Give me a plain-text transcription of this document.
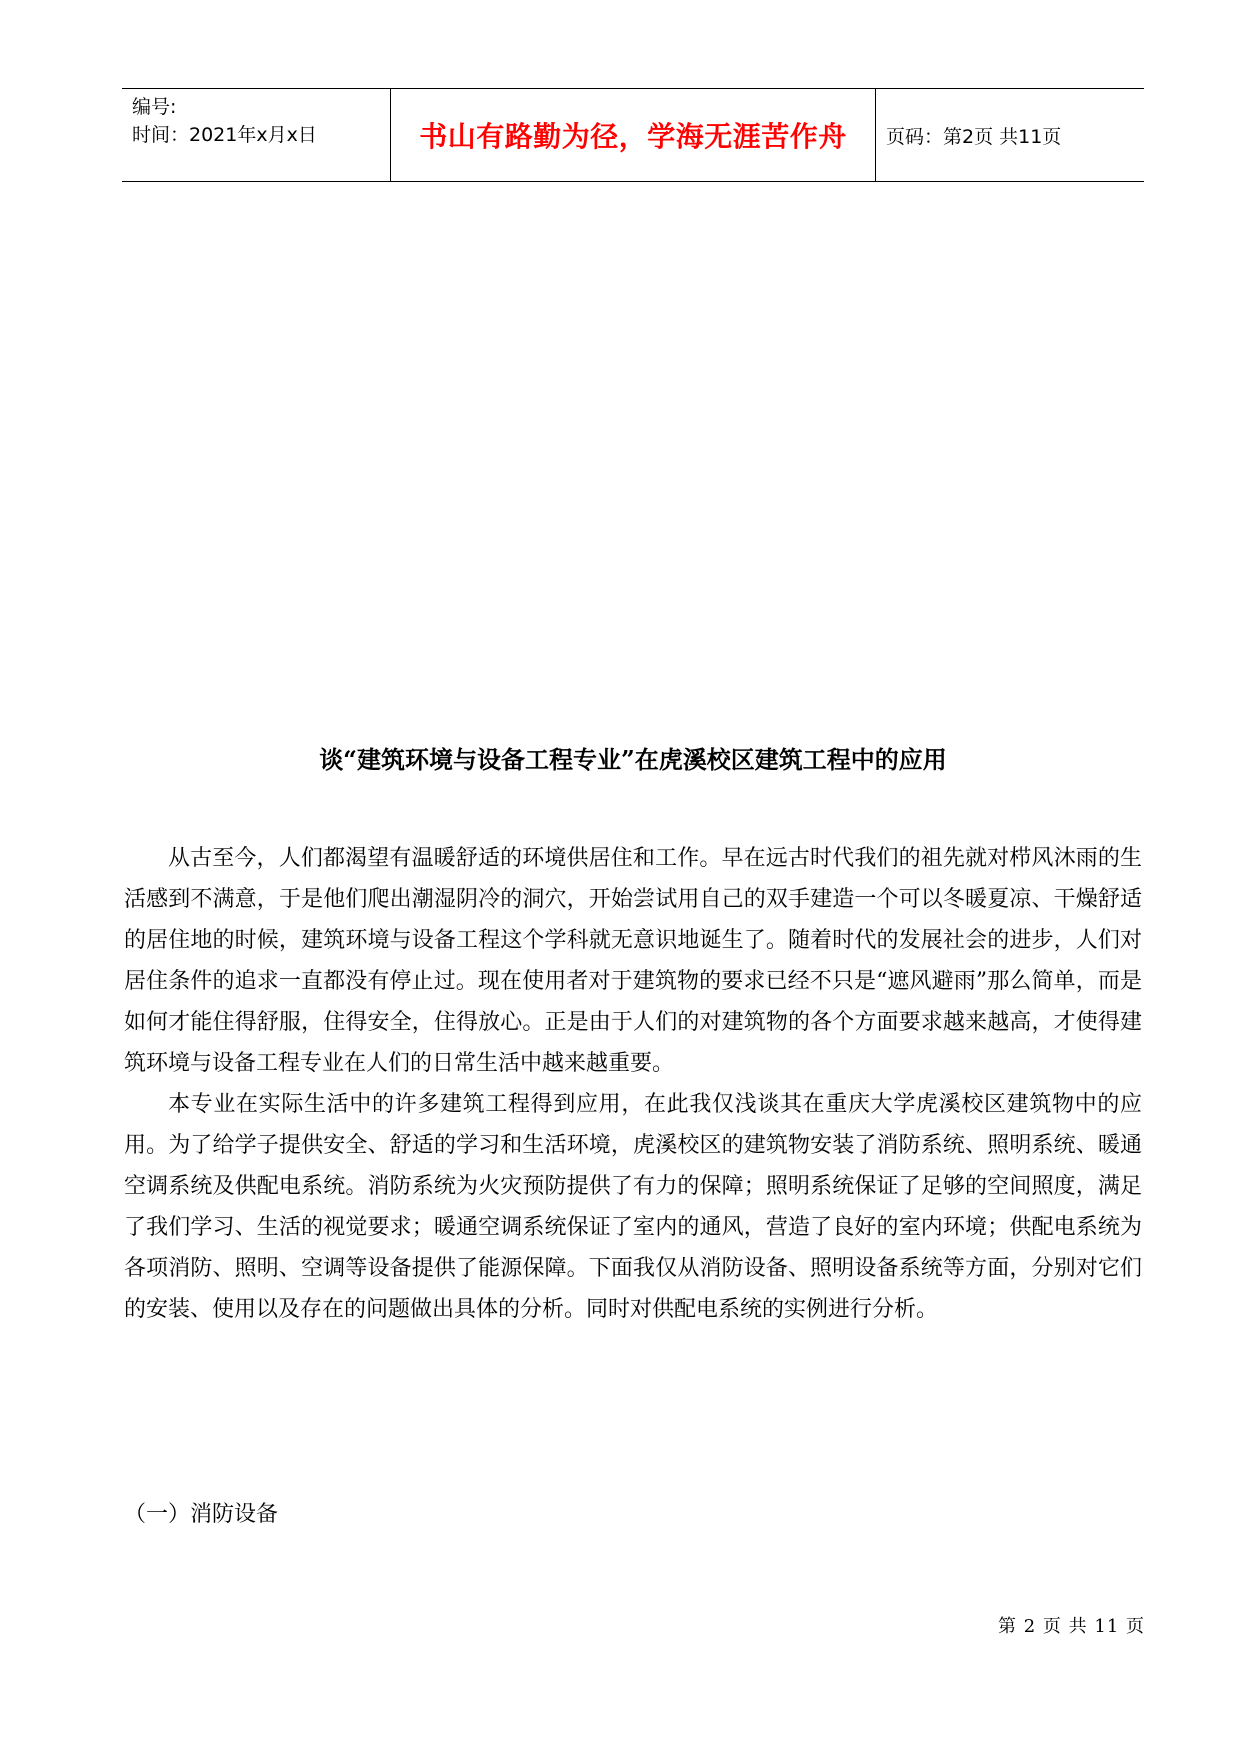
编号:
时间：2021年x月x日	书山有路勤为径，学海无涯苦作舟	页码：第2页 共11页
谈“建筑环境与设备工程专业”在虎溪校区建筑工程中的应用

从古至今，人们都渴望有温暖舒适的环境供居住和工作。早在远古时代我们的祖先就对栉风沐雨的生活感到不满意，于是他们爬出潮湿阴冷的洞穴，开始尝试用自己的双手建造一个可以冬暖夏凉、干燥舒适的居住地的时候，建筑环境与设备工程这个学科就无意识地诞生了。随着时代的发展社会的进步，人们对居住条件的追求一直都没有停止过。现在使用者对于建筑物的要求已经不只是“遮风避雨”那么简单，而是如何才能住得舒服，住得安全，住得放心。正是由于人们的对建筑物的各个方面要求越来越高，才使得建筑环境与设备工程专业在人们的日常生活中越来越重要。

本专业在实际生活中的许多建筑工程得到应用，在此我仅浅谈其在重庆大学虎溪校区建筑物中的应用。为了给学子提供安全、舒适的学习和生活环境，虎溪校区的建筑物安装了消防系统、照明系统、暖通空调系统及供配电系统。消防系统为火灾预防提供了有力的保障；照明系统保证了足够的空间照度，满足了我们学习、生活的视觉要求；暖通空调系统保证了室内的通风，营造了良好的室内环境；供配电系统为各项消防、照明、空调等设备提供了能源保障。下面我仅从消防设备、照明设备系统等方面，分别对它们的安装、使用以及存在的问题做出具体的分析。同时对供配电系统的实例进行分析。

（一）消防设备
第 2 页 共 11 页
